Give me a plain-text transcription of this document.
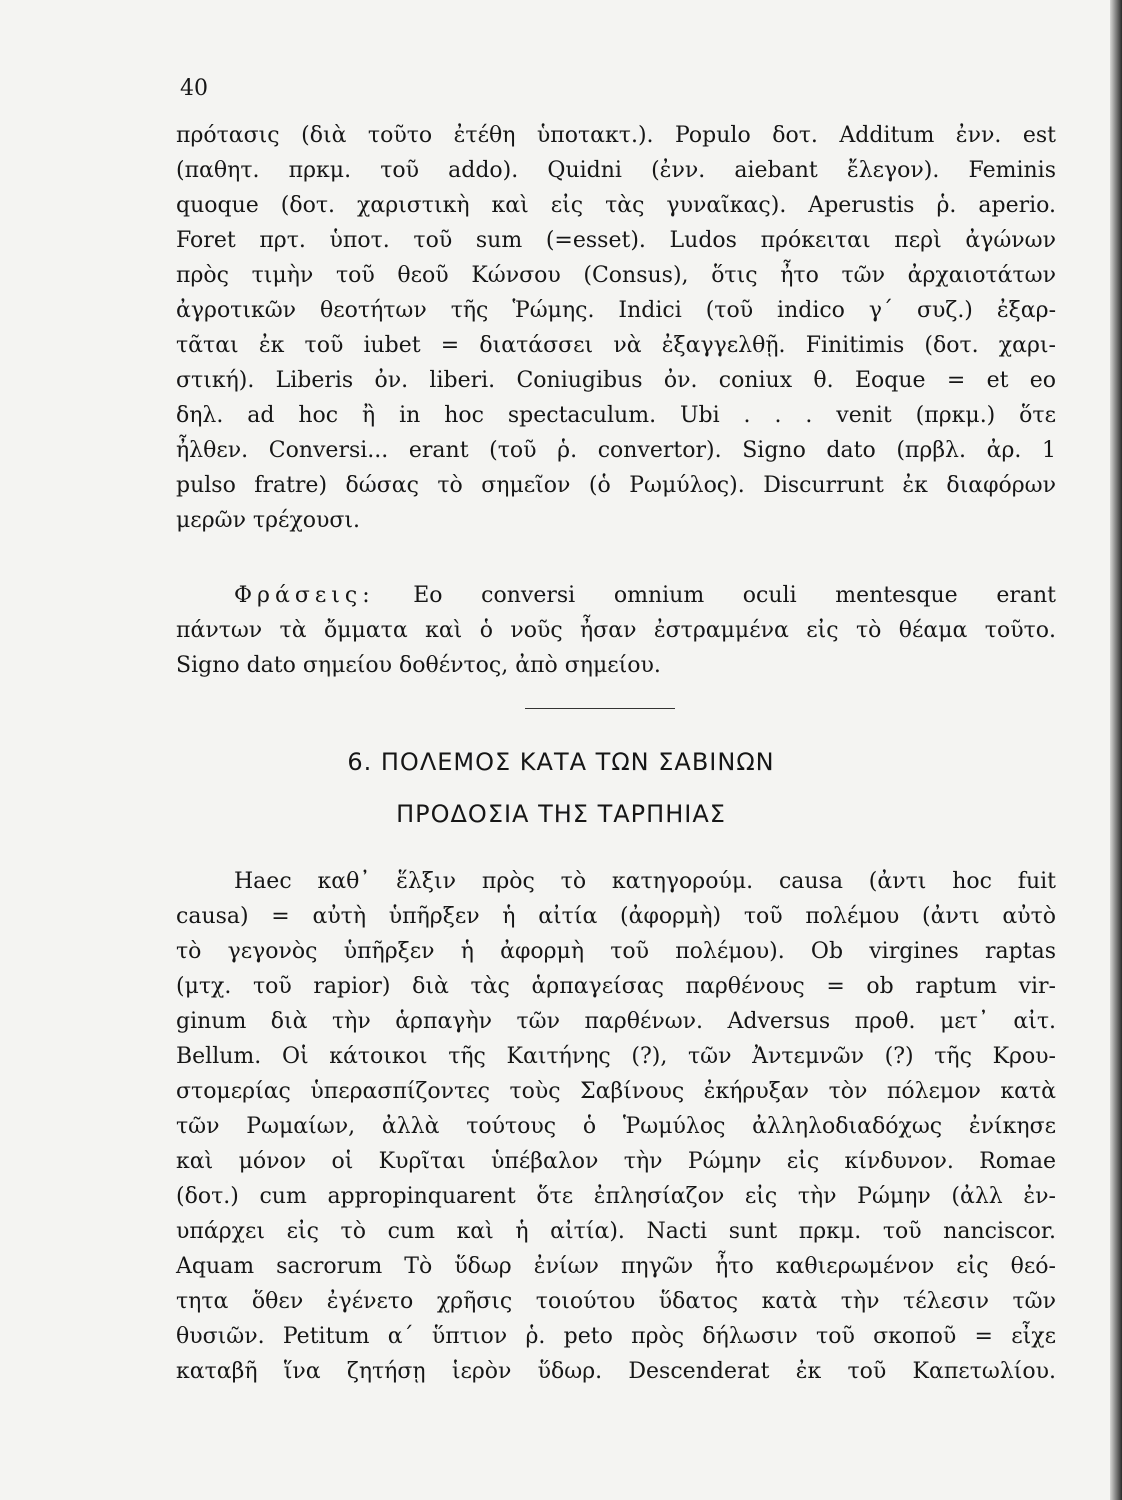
40
πρότασις (διὰ τοῦτο ἐτέθη ὑποτακτ.). Populo δοτ. Additum ἐνν. est
(παθητ. πρκμ. τοῦ addo). Quidni (ἐνν. aiebant ἔλεγον). Feminis
quoque (δοτ. χαριστικὴ καὶ εἰς τὰς γυναῖκας). Aperustis ῥ. aperio.
Foret πρτ. ὑποτ. τοῦ sum (=esset). Ludos πρόκειται περὶ ἀγώνων
πρὸς τιμὴν τοῦ θεοῦ Κώνσου (Consus), ὅτις ἦτο τῶν ἀρχαιοτάτων
ἀγροτικῶν θεοτήτων τῆς Ῥώμης. Indici (τοῦ indico γ΄ συζ.) ἐξαρ-
τᾶται ἐκ τοῦ iubet = διατάσσει νὰ ἐξαγγελθῇ. Finitimis (δοτ. χαρι-
στική). Liberis ὀν. liberi. Coniugibus ὀν. coniux θ. Eoque = et eo
δηλ. ad hoc ἢ in hoc spectaculum. Ubi . . . venit (πρκμ.) ὅτε
ἦλθεν. Conversi... erant (τοῦ ῥ. convertor). Signo dato (πρβλ. ἀρ. 1
pulso fratre) δώσας τὸ σημεῖον (ὁ Ρωμύλος). Discurrunt ἐκ διαφόρων
μερῶν τρέχουσι.
Φράσεις: Eo conversi omnium oculi mentesque erant
πάντων τὰ ὄμματα καὶ ὁ νοῦς ἦσαν ἐστραμμένα εἰς τὸ θέαμα τοῦτο.
Signo dato σημείου δοθέντος, ἀπὸ σημείου.
6. ΠΟΛΕΜΟΣ ΚΑΤΑ ΤΩΝ ΣΑΒΙΝΩΝ
ΠΡΟΔΟΣΙΑ ΤΗΣ ΤΑΡΠΗΙΑΣ
Haec καθ᾿ ἕλξιν πρὸς τὸ κατηγορούμ. causa (ἀντι hoc fuit
causa) = αὐτὴ ὑπῆρξεν ἡ αἰτία (ἀφορμὴ) τοῦ πολέμου (ἀντι αὐτὸ
τὸ γεγονὸς ὑπῆρξεν ἡ ἀφορμὴ τοῦ πολέμου). Ob virgines raptas
(μτχ. τοῦ rapior) διὰ τὰς ἁρπαγείσας παρθένους = ob raptum vir-
ginum διὰ τὴν ἁρπαγὴν τῶν παρθένων. Adversus προθ. μετ᾿ αἰτ.
Bellum. Οἱ κάτοικοι τῆς Καιτήνης (?), τῶν Ἀντεμνῶν (?) τῆς Κρου-
στομερίας ὑπερασπίζοντες τοὺς Σαβίνους ἐκήρυξαν τὸν πόλεμον κατὰ
τῶν Ρωμαίων, ἀλλὰ τούτους ὁ Ῥωμύλος ἀλληλοδιαδόχως ἐνίκησε
καὶ μόνον οἱ Κυρῖται ὑπέβαλον τὴν Ρώμην εἰς κίνδυνον. Romae
(δοτ.) cum appropinquarent ὅτε ἐπλησίαζον εἰς τὴν Ρώμην (ἀλλ ἐν-
υπάρχει εἰς τὸ cum καὶ ἡ αἰτία). Nacti sunt πρκμ. τοῦ nanciscor.
Aquam sacrorum Τὸ ὕδωρ ἐνίων πηγῶν ἦτο καθιερωμένον εἰς θεό-
τητα ὅθεν ἐγένετο χρῆσις τοιούτου ὕδατος κατὰ τὴν τέλεσιν τῶν
θυσιῶν. Petitum α΄ ὕπτιον ῥ. peto πρὸς δήλωσιν τοῦ σκοποῦ = εἶχε
καταβῆ ἵνα ζητήσῃ ἱερὸν ὕδωρ. Descenderat ἐκ τοῦ Καπετωλίου.
